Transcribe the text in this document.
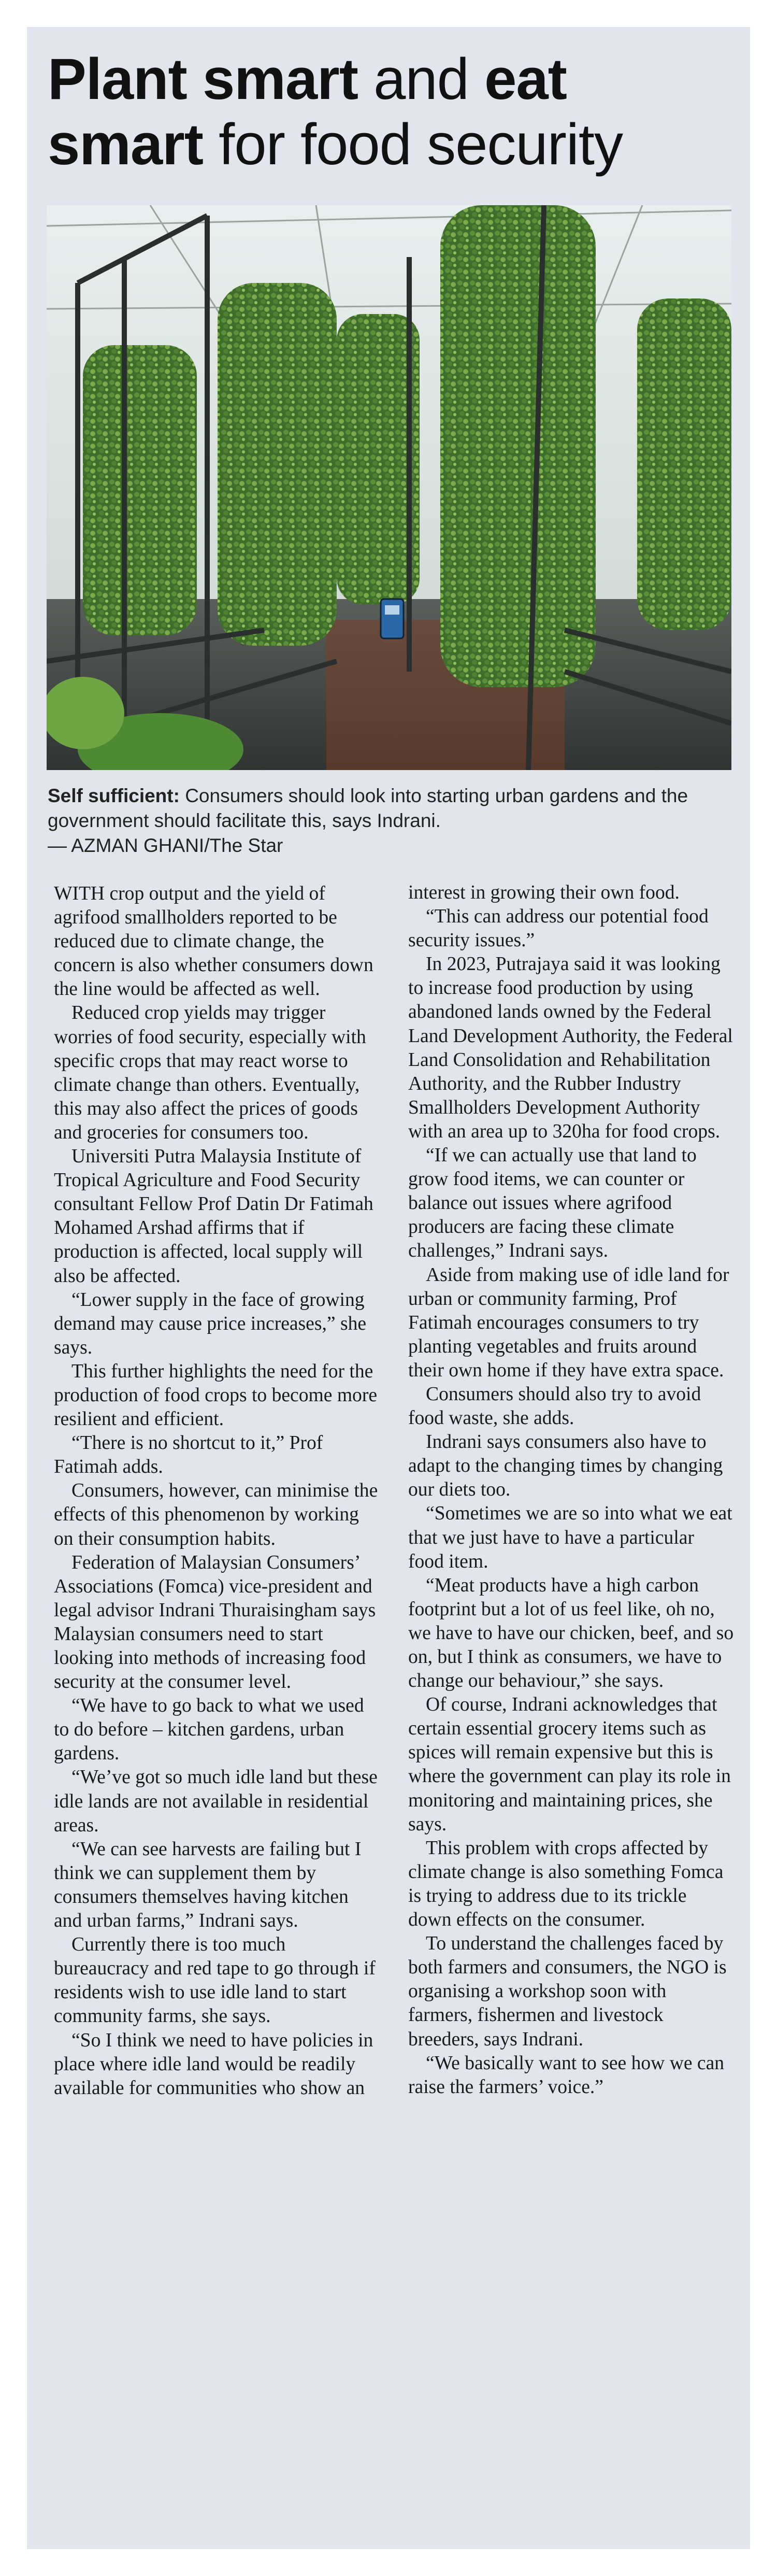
Plant smart and eat
smart for food security
Self sufficient: Consumers should look into starting urban gardens and the government should facilitate this, says Indrani.
— AZMAN GHANI/The Star

WITH crop output and the yield of agrifood smallholders reported to be reduced due to climate change, the concern is also whether consumers down the line would be affected as well.

Reduced crop yields may trigger worries of food security, especially with specific crops that may react worse to climate change than others. Eventually, this may also affect the prices of goods and groceries for consumers too.

Universiti Putra Malaysia Institute of Tropical Agriculture and Food Security consultant Fellow Prof Datin Dr Fatimah Mohamed Arshad affirms that if production is affected, local supply will also be affected.

“Lower supply in the face of growing demand may cause price increases,” she says.

This further highlights the need for the production of food crops to become more resilient and efficient.

“There is no shortcut to it,” Prof Fatimah adds.

Consumers, however, can minimise the effects of this phenomenon by working on their consumption habits.

Federation of Malaysian Consumers’ Associations (Fomca) vice-president and legal advisor Indrani Thuraisingham says Malaysian consumers need to start looking into methods of increasing food security at the consumer level.

“We have to go back to what we used to do before – kitchen gardens, urban gardens.

“We’ve got so much idle land but these idle lands are not available in residential areas.

“We can see harvests are failing but I think we can supplement them by consumers themselves having kitchen and urban farms,” Indrani says.

Currently there is too much bureaucracy and red tape to go through if residents wish to use idle land to start community farms, she says.

“So I think we need to have policies in place where idle land would be readily available for communities who show an

interest in growing their own food.

“This can address our potential food security issues.”

In 2023, Putrajaya said it was looking to increase food production by using abandoned lands owned by the Federal Land Development Authority, the Federal Land Consolidation and Rehabilitation Authority, and the Rubber Industry Smallholders Development Authority with an area up to 320ha for food crops.

“If we can actually use that land to grow food items, we can counter or balance out issues where agrifood producers are facing these climate challenges,” Indrani says.

Aside from making use of idle land for urban or community farming, Prof Fatimah encourages consumers to try planting vegetables and fruits around their own home if they have extra space.

Consumers should also try to avoid food waste, she adds.

Indrani says consumers also have to adapt to the changing times by changing our diets too.

“Sometimes we are so into what we eat that we just have to have a particular food item.

“Meat products have a high carbon footprint but a lot of us feel like, oh no, we have to have our chicken, beef, and so on, but I think as consumers, we have to change our behaviour,” she says.

Of course, Indrani acknowledges that certain essential grocery items such as spices will remain expensive but this is where the government can play its role in monitoring and maintaining prices, she says.

This problem with crops affected by climate change is also something Fomca is trying to address due to its trickle down effects on the consumer.

To understand the challenges faced by both farmers and consumers, the NGO is organising a workshop soon with farmers, fishermen and livestock breeders, says Indrani.

“We basically want to see how we can raise the farmers’ voice.”
